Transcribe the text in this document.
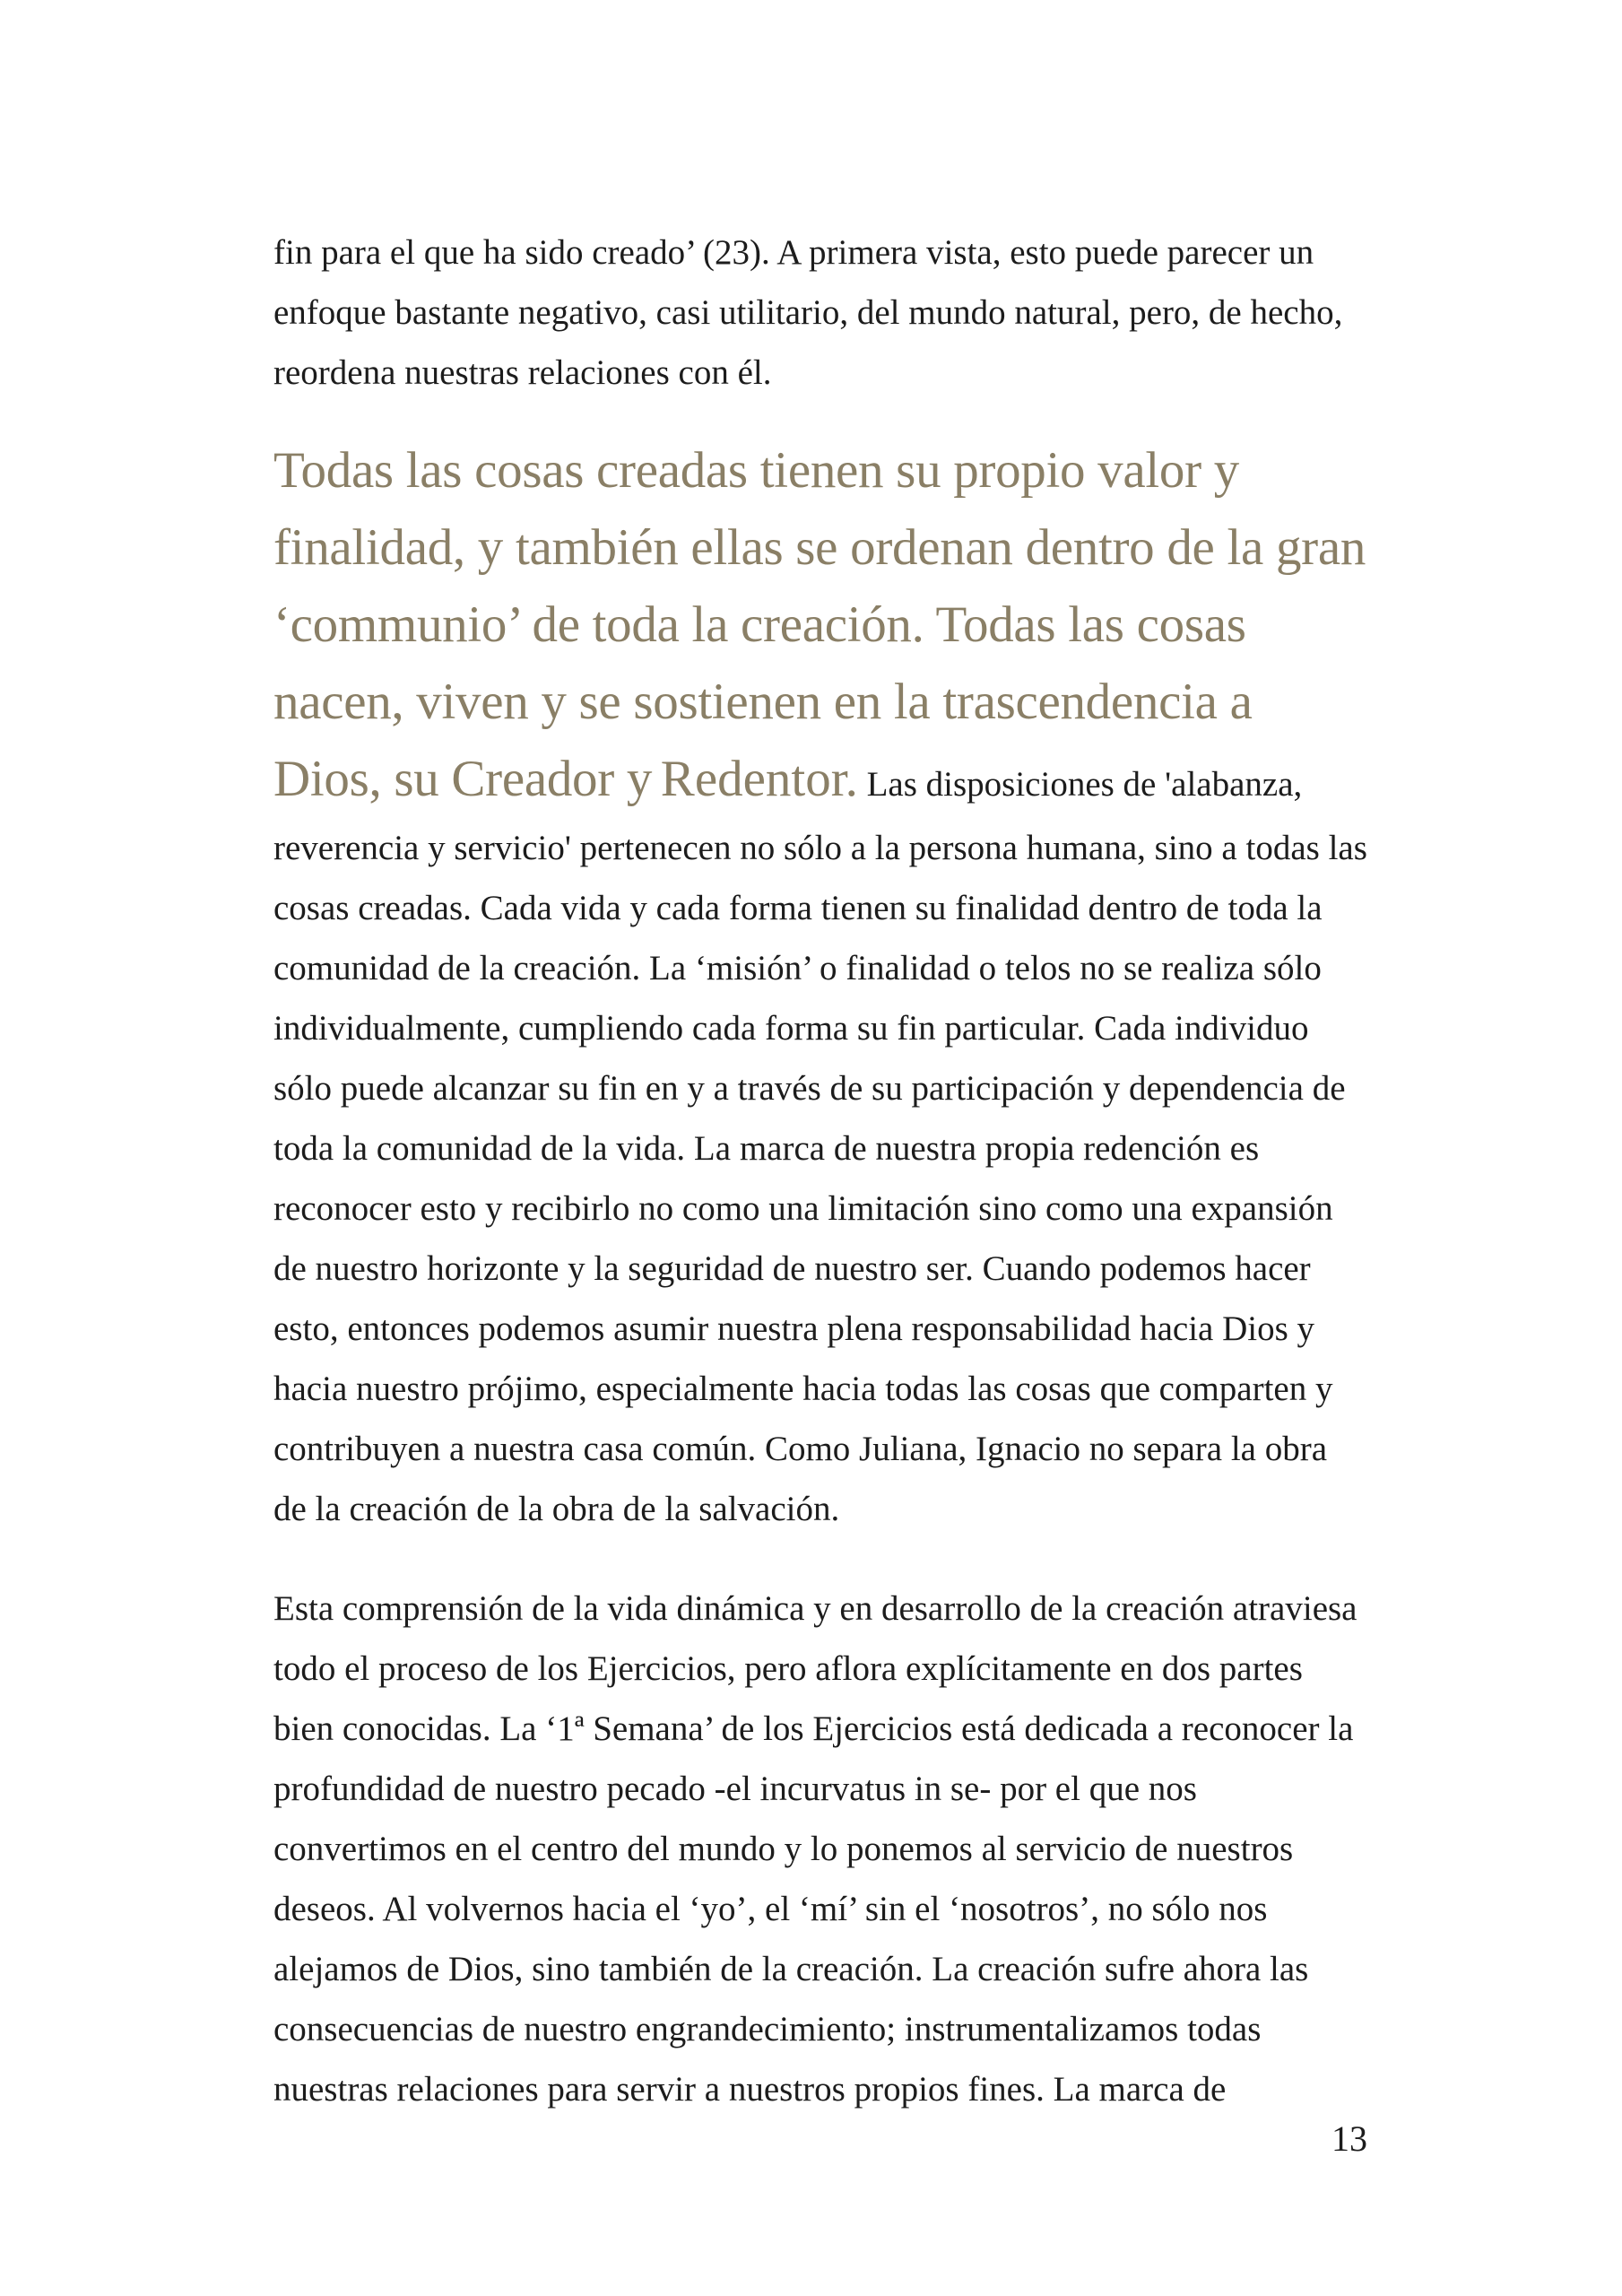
fin para el que ha sido creado’ (23). A primera vista, esto puede parecer un enfoque bastante negativo, casi utilitario, del mundo natural, pero, de hecho, reordena nuestras relaciones con él.

Todas las cosas creadas tienen su propio valor y finalidad, y también ellas se ordenan dentro de la gran ‘communio’ de toda la creación. Todas las cosas nacen, viven y se sostienen en la trascendencia a Dios, su Creador y Redentor. Las disposiciones de 'alabanza, reverencia y servicio' pertenecen no sólo a la persona humana, sino a todas las cosas creadas. Cada vida y cada forma tienen su finalidad dentro de toda la comunidad de la creación. La ‘misión’ o finalidad o telos no se realiza sólo individualmente, cumpliendo cada forma su fin particular. Cada individuo sólo puede alcanzar su fin en y a través de su participación y dependencia de toda la comunidad de la vida. La marca de nuestra propia redención es reconocer esto y recibirlo no como una limitación sino como una expansión de nuestro horizonte y la seguridad de nuestro ser. Cuando podemos hacer esto, entonces podemos asumir nuestra plena responsabilidad hacia Dios y hacia nuestro prójimo, especialmente hacia todas las cosas que comparten y contribuyen a nuestra casa común. Como Juliana, Ignacio no separa la obra de la creación de la obra de la salvación.

Esta comprensión de la vida dinámica y en desarrollo de la creación atraviesa todo el proceso de los Ejercicios, pero aflora explícitamente en dos partes bien conocidas. La ‘1ª Semana’ de los Ejercicios está dedicada a reconocer la profundidad de nuestro pecado -el incurvatus in se- por el que nos convertimos en el centro del mundo y lo ponemos al servicio de nuestros deseos. Al volvernos hacia el ‘yo’, el ‘mí’ sin el ‘nosotros’, no sólo nos alejamos de Dios, sino también de la creación. La creación sufre ahora las consecuencias de nuestro engrandecimiento; instrumentalizamos todas nuestras relaciones para servir a nuestros propios fines. La marca de

13
